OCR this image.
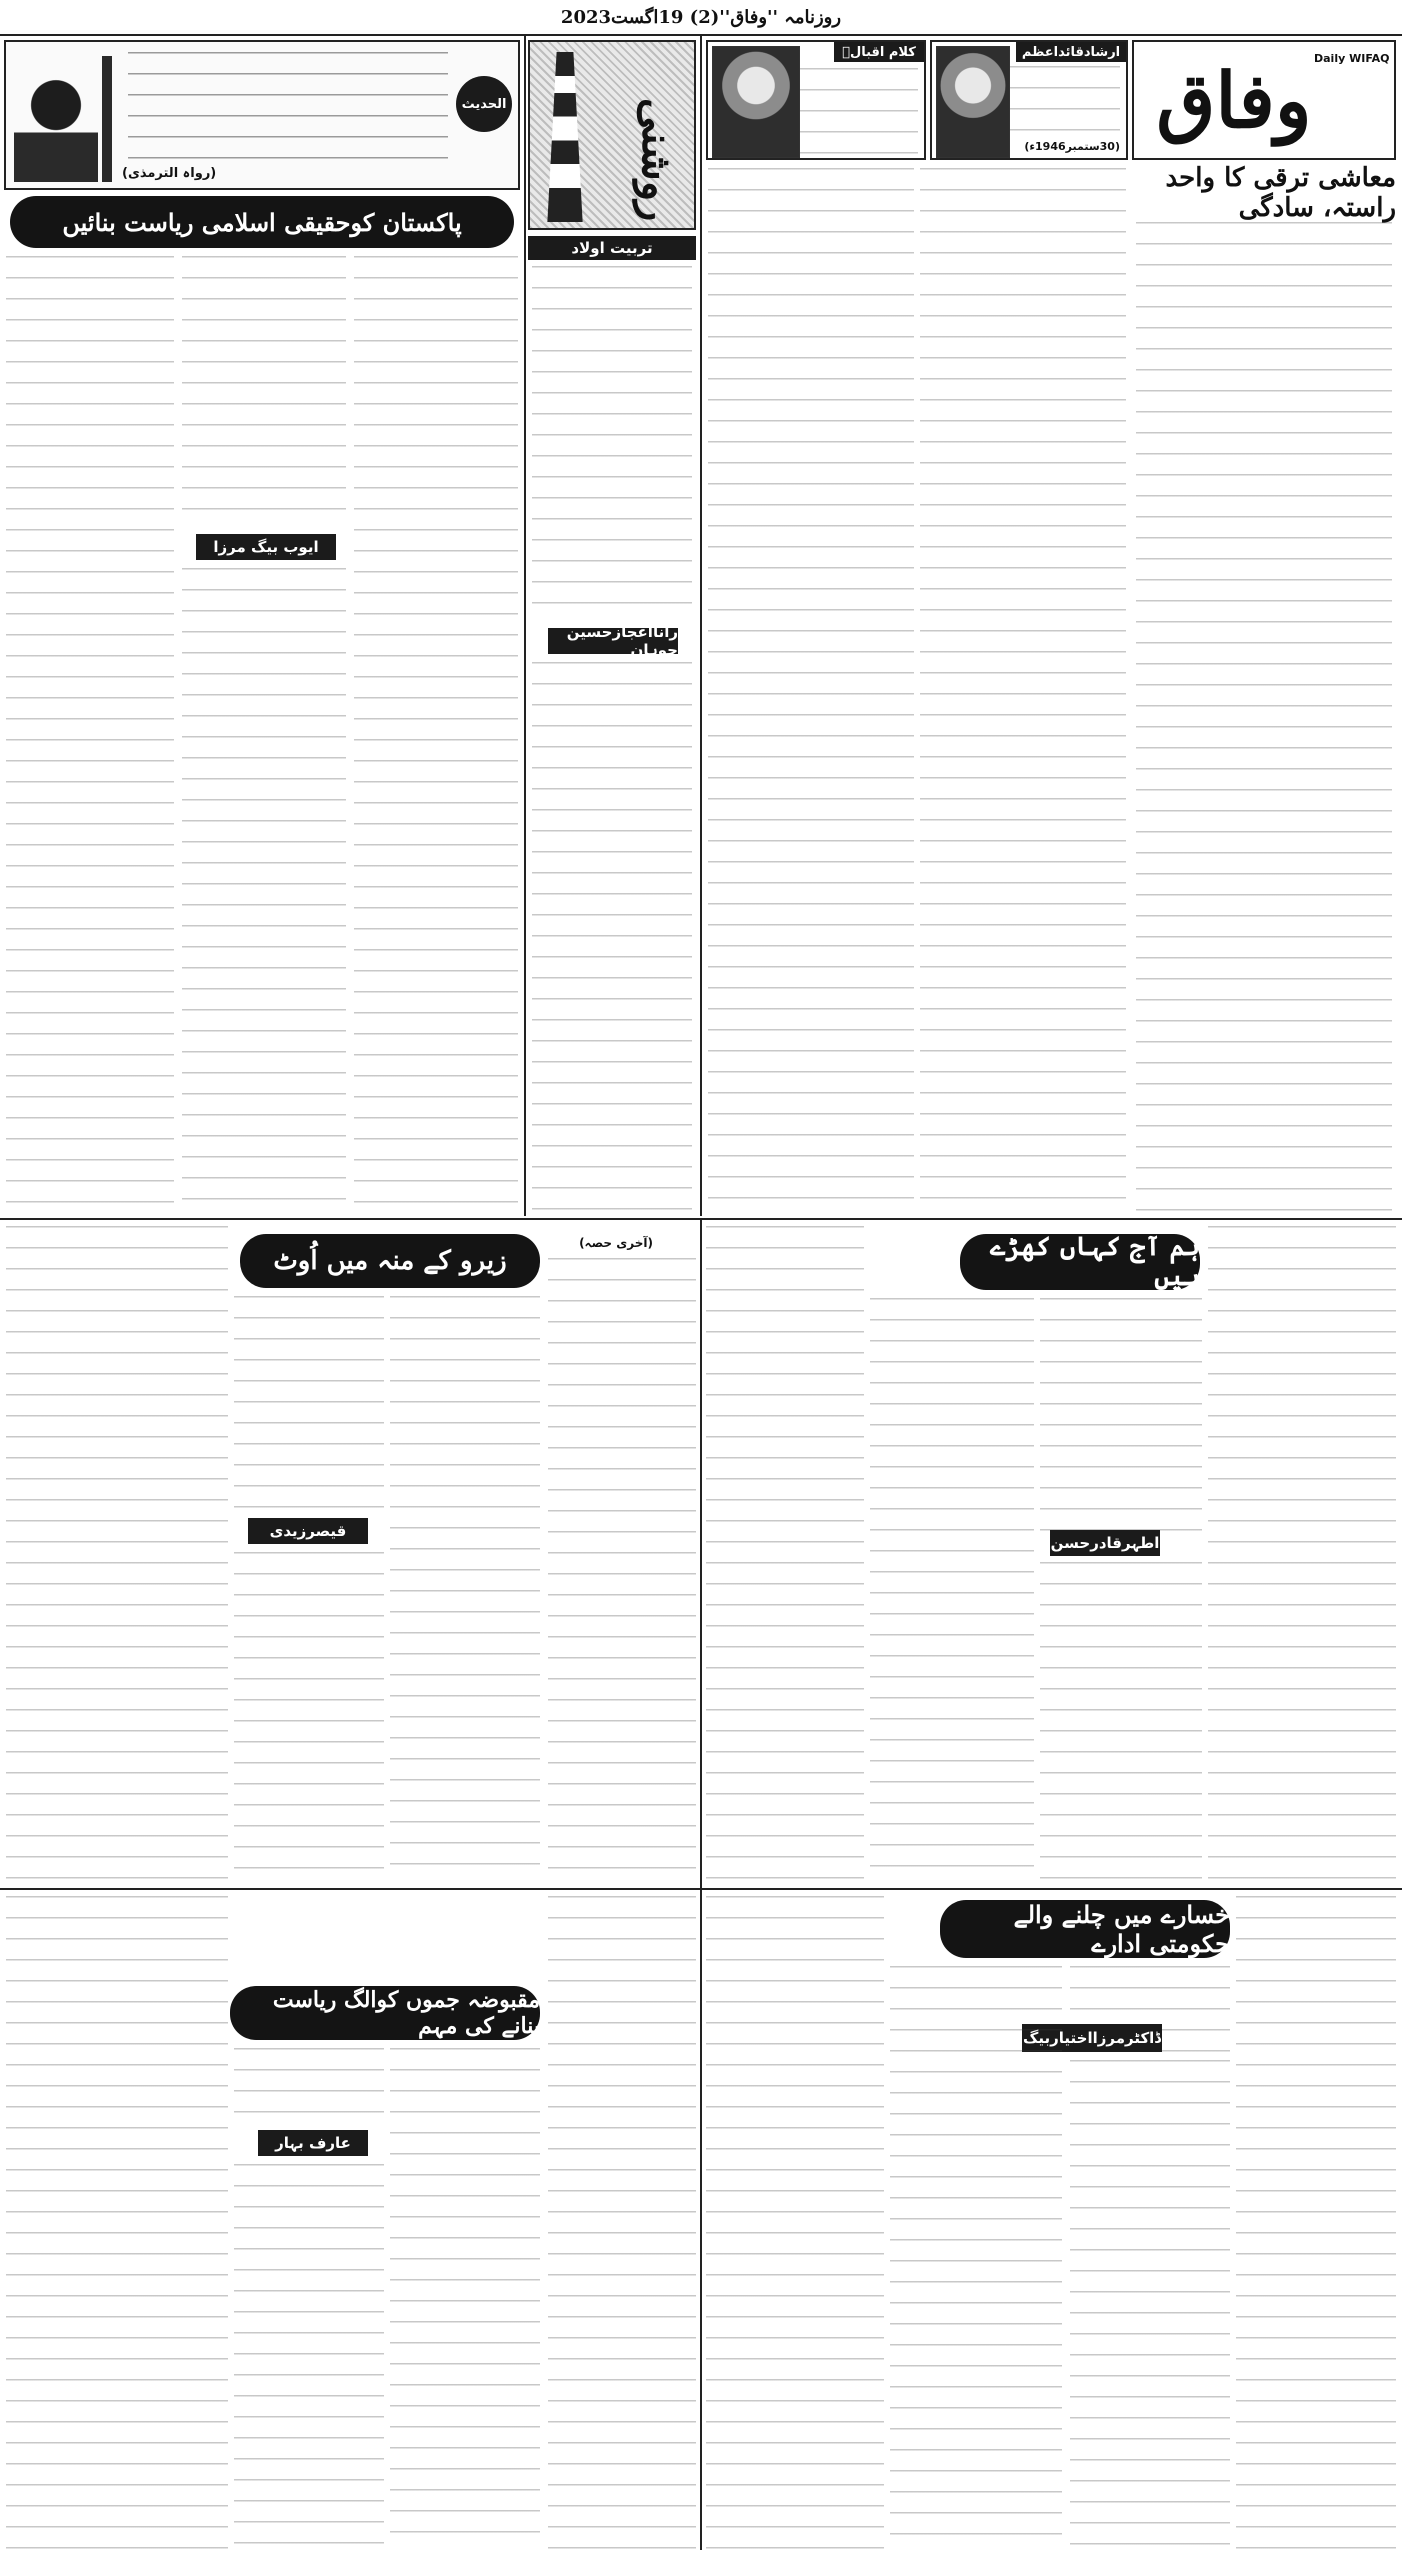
روزنامہ ''وفاق''(2) 19اگست2023
وفاق Daily WIFAQ
ارشادقائداعظم
(30ستمبر1946ء)
کلام اقبالؒ
روشنی
تربیت اولاد
رانااعجازحسین چوہان
الحدیث
(رواہ الترمذی)	معاشی ترقی کا واحد راستہ، سادگی
پاکستان کوحقیقی اسلامی ریاست بنائیں
ایوب بیگ مرزا
زیرو کے منہ میں اُوٹ
(آخری حصہ)
قیصرزیدی
ہم آج کہاں کھڑے ہیں
اطہرقادرحسن
خسارے میں چلنے والے حکومتی ادارے
ڈاکٹرمرزااختیاربیگ
مقبوضہ جموں کوالگ ریاست بنانے کی مہم
عارف بہار
